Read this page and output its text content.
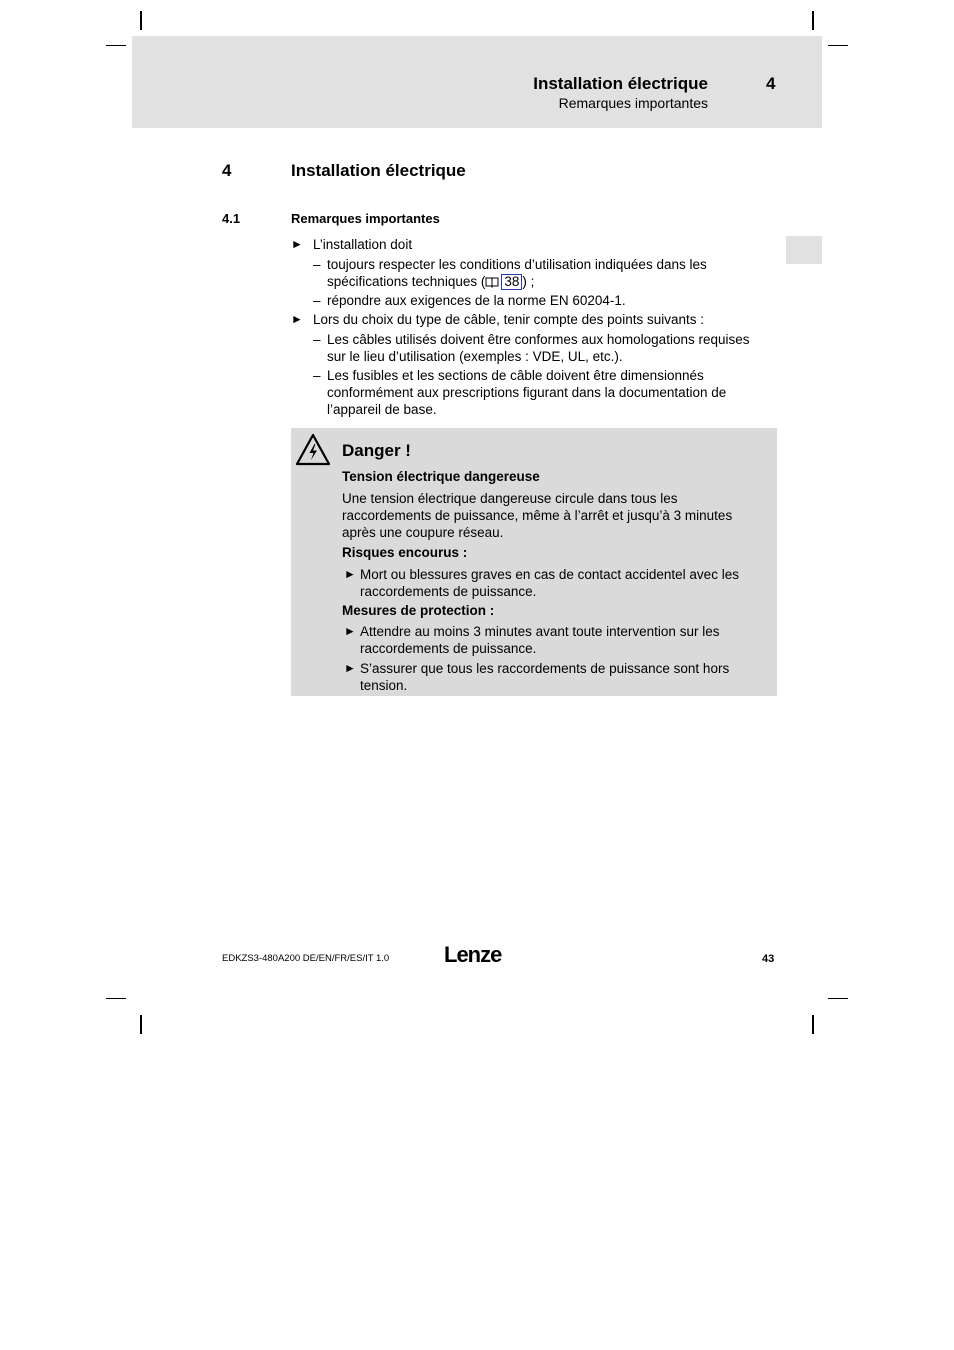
Installation électrique
Remarques importantes
4
4	Installation électrique
4.1	Remarques importantes
► L’installation doit
– toujours respecter les conditions d’utilisation indiquées dans les
spécifications techniques ( 38 ) ;
– répondre aux exigences de la norme EN 60204-1.
► Lors du choix du type de câble, tenir compte des points suivants :
– Les câbles utilisés doivent être conformes aux homologations requises
sur le lieu d’utilisation (exemples : VDE, UL, etc.).
– Les fusibles et les sections de câble doivent être dimensionnés
conformément aux prescriptions figurant dans la documentation de
l’appareil de base.
Danger !
Tension électrique dangereuse
Une tension électrique dangereuse circule dans tous les
raccordements de puissance, même à l’arrêt et jusqu’à 3 minutes
après une coupure réseau.
Risques encourus :
► Mort ou blessures graves en cas de contact accidentel avec les
raccordements de puissance.
Mesures de protection :
► Attendre au moins 3 minutes avant toute intervention sur les
raccordements de puissance.
► S’assurer que tous les raccordements de puissance sont hors
tension.
EDKZS3-480A200 DE/EN/FR/ES/IT 1.0 Lenze	43
